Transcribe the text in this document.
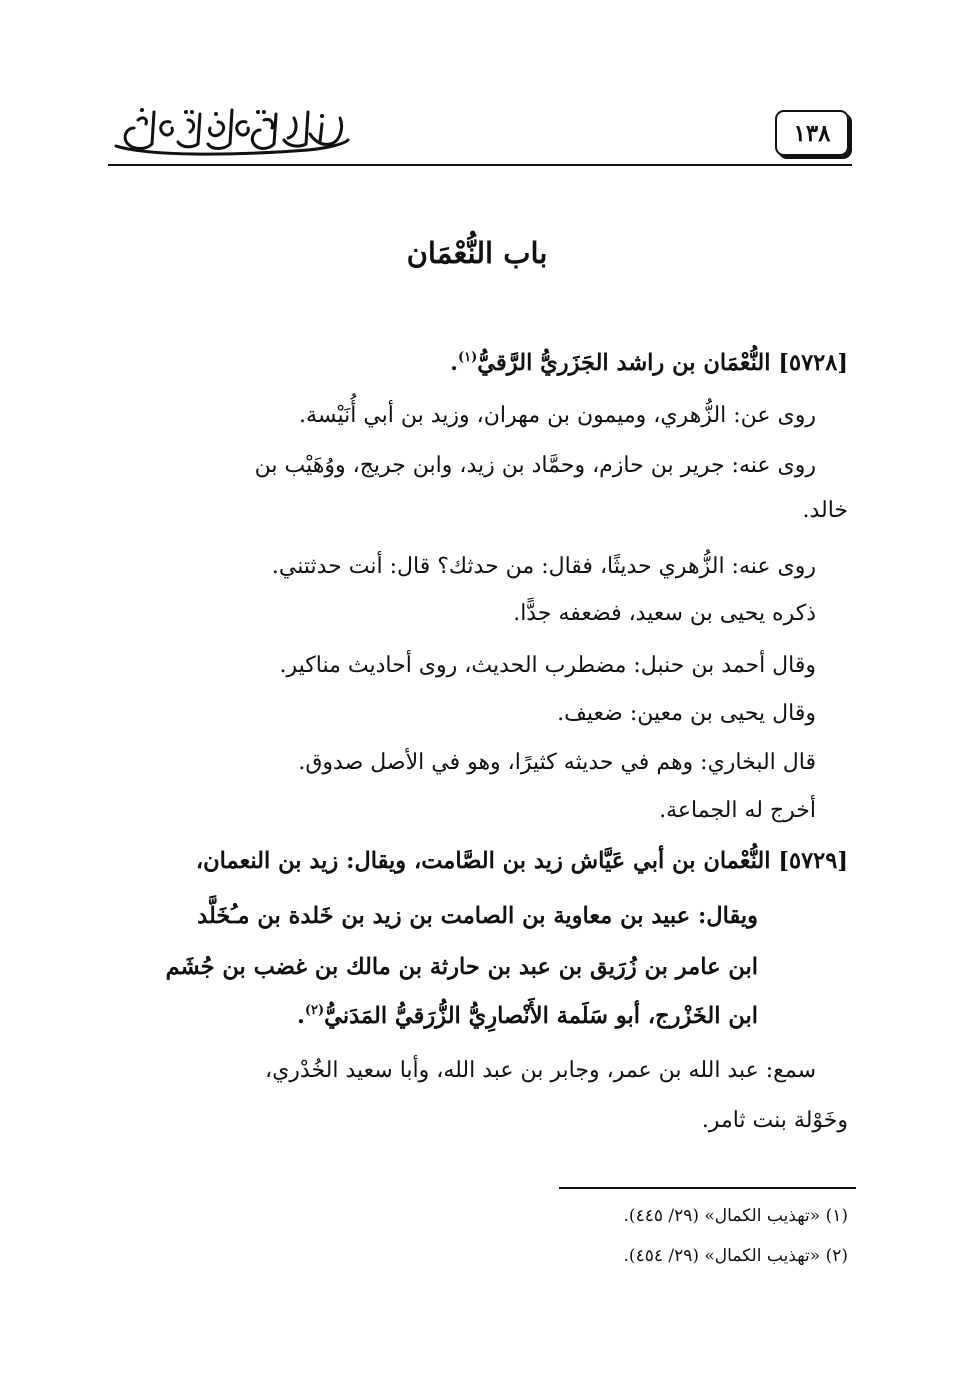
١٣٨
باب النُّعْمَان
[٥٧٢٨] النُّعْمَان بن راشد الجَزَريُّ الرَّقيُّ$^{(١)}$.
روى عن: الزُّهري، وميمون بن مهران، وزيد بن أبي أُنَيْسة.
روى عنه: جرير بن حازم، وحمَّاد بن زيد، وابن جريج، ووُهَيْب بن
خالد.
روى عنه: الزُّهري حديثًا، فقال: من حدثك؟ قال: أنت حدثتني.
ذكره يحيى بن سعيد، فضعفه جدًّا.
وقال أحمد بن حنبل: مضطرب الحديث، روى أحاديث مناكير.
وقال يحيى بن معين: ضعيف.
قال البخاري: وهم في حديثه كثيرًا، وهو في الأصل صدوق.
أخرج له الجماعة.
[٥٧٢٩] النُّعْمان بن أبي عَيَّاش زيد بن الصَّامت، ويقال: زيد بن النعمان،
ويقال: عبيد بن معاوية بن الصامت بن زيد بن خَلدة بن مـُخَلَّد
ابن عامر بن زُرَيق بن عبد بن حارثة بن مالك بن غضب بن جُشَم
ابن الخَزْرج، أبو سَلَمة الأَنْصارِيُّ الزُّرَقيُّ المَدَنيُّ$^{(٢)}$.
سمع: عبد الله بن عمر، وجابر بن عبد الله، وأبا سعيد الخُدْري،
وخَوْلة بنت ثامر.
(١) «تهذيب الكمال» (٢٩/ ٤٤٥).
(٢) «تهذيب الكمال» (٢٩/ ٤٥٤).
